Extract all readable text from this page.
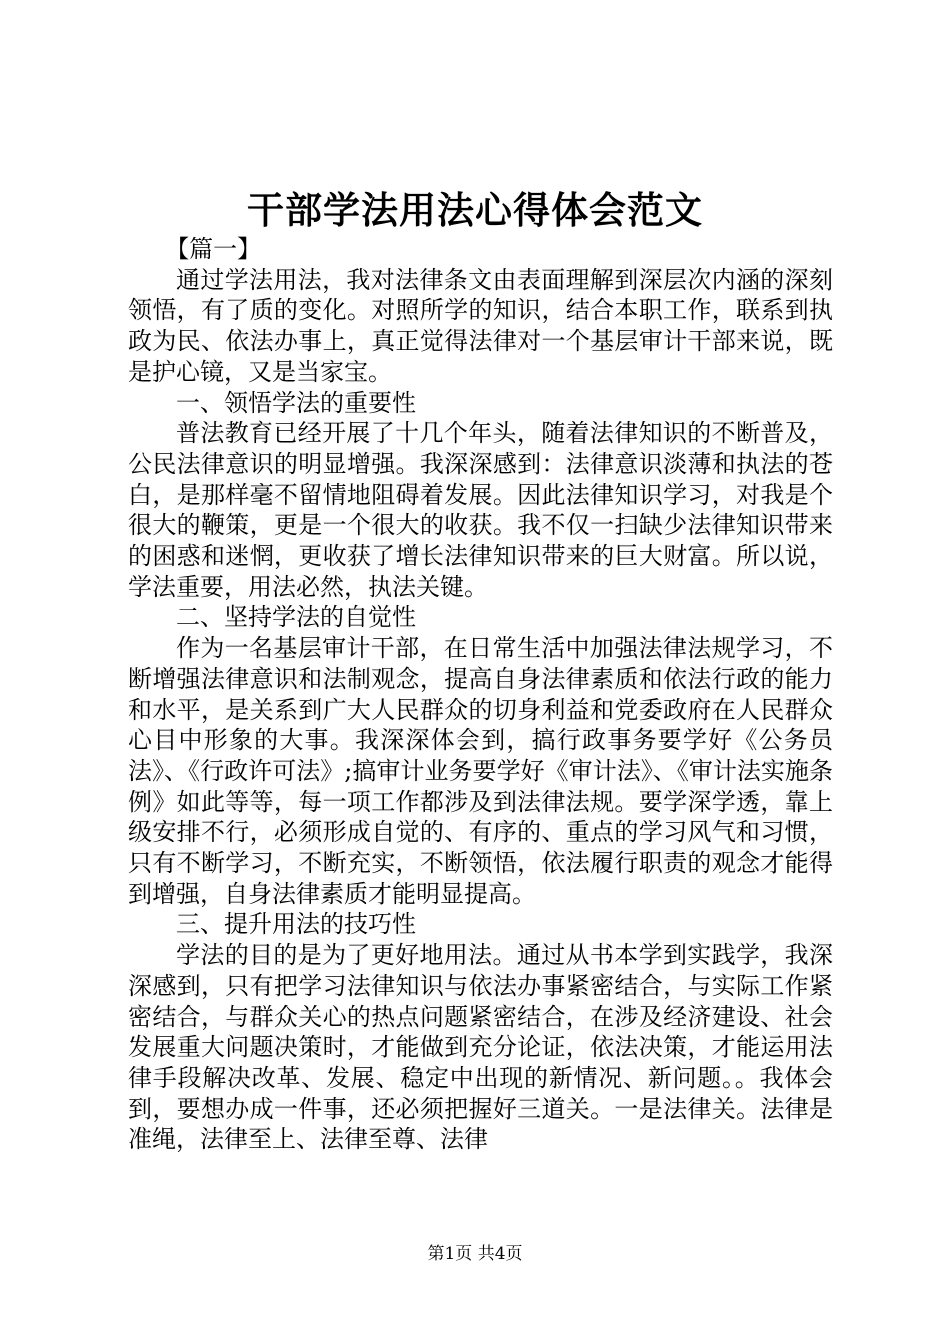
干部学法用法心得体会范文

【篇一】

通过学法用法，我对法律条文由表面理解到深层次内涵的深刻领悟，有了质的变化。对照所学的知识，结合本职工作，联系到执政为民、依法办事上，真正觉得法律对一个基层审计干部来说，既是护心镜，又是当家宝。

一、领悟学法的重要性

普法教育已经开展了十几个年头，随着法律知识的不断普及，公民法律意识的明显增强。我深深感到：法律意识淡薄和执法的苍白，是那样毫不留情地阻碍着发展。因此法律知识学习，对我是个很大的鞭策，更是一个很大的收获。我不仅一扫缺少法律知识带来的困惑和迷惘，更收获了增长法律知识带来的巨大财富。所以说，学法重要，用法必然，执法关键。

二、坚持学法的自觉性

作为一名基层审计干部，在日常生活中加强法律法规学习，不断增强法律意识和法制观念，提高自身法律素质和依法行政的能力和水平，是关系到广大人民群众的切身利益和党委政府在人民群众心目中形象的大事。我深深体会到，搞行政事务要学好《公务员法》、《行政许可法》;搞审计业务要学好《审计法》、《审计法实施条例》如此等等，每一项工作都涉及到法律法规。要学深学透，靠上级安排不行，必须形成自觉的、有序的、重点的学习风气和习惯，只有不断学习，不断充实，不断领悟，依法履行职责的观念才能得到增强，自身法律素质才能明显提高。

三、提升用法的技巧性

学法的目的是为了更好地用法。通过从书本学到实践学，我深深感到，只有把学习法律知识与依法办事紧密结合，与实际工作紧密结合，与群众关心的热点问题紧密结合，在涉及经济建设、社会发展重大问题决策时，才能做到充分论证，依法决策，才能运用法律手段解决改革、发展、稳定中出现的新情况、新问题。。我体会到，要想办成一件事，还必须把握好三道关。一是法律关。法律是准绳，法律至上、法律至尊、法律

第1页 共4页
